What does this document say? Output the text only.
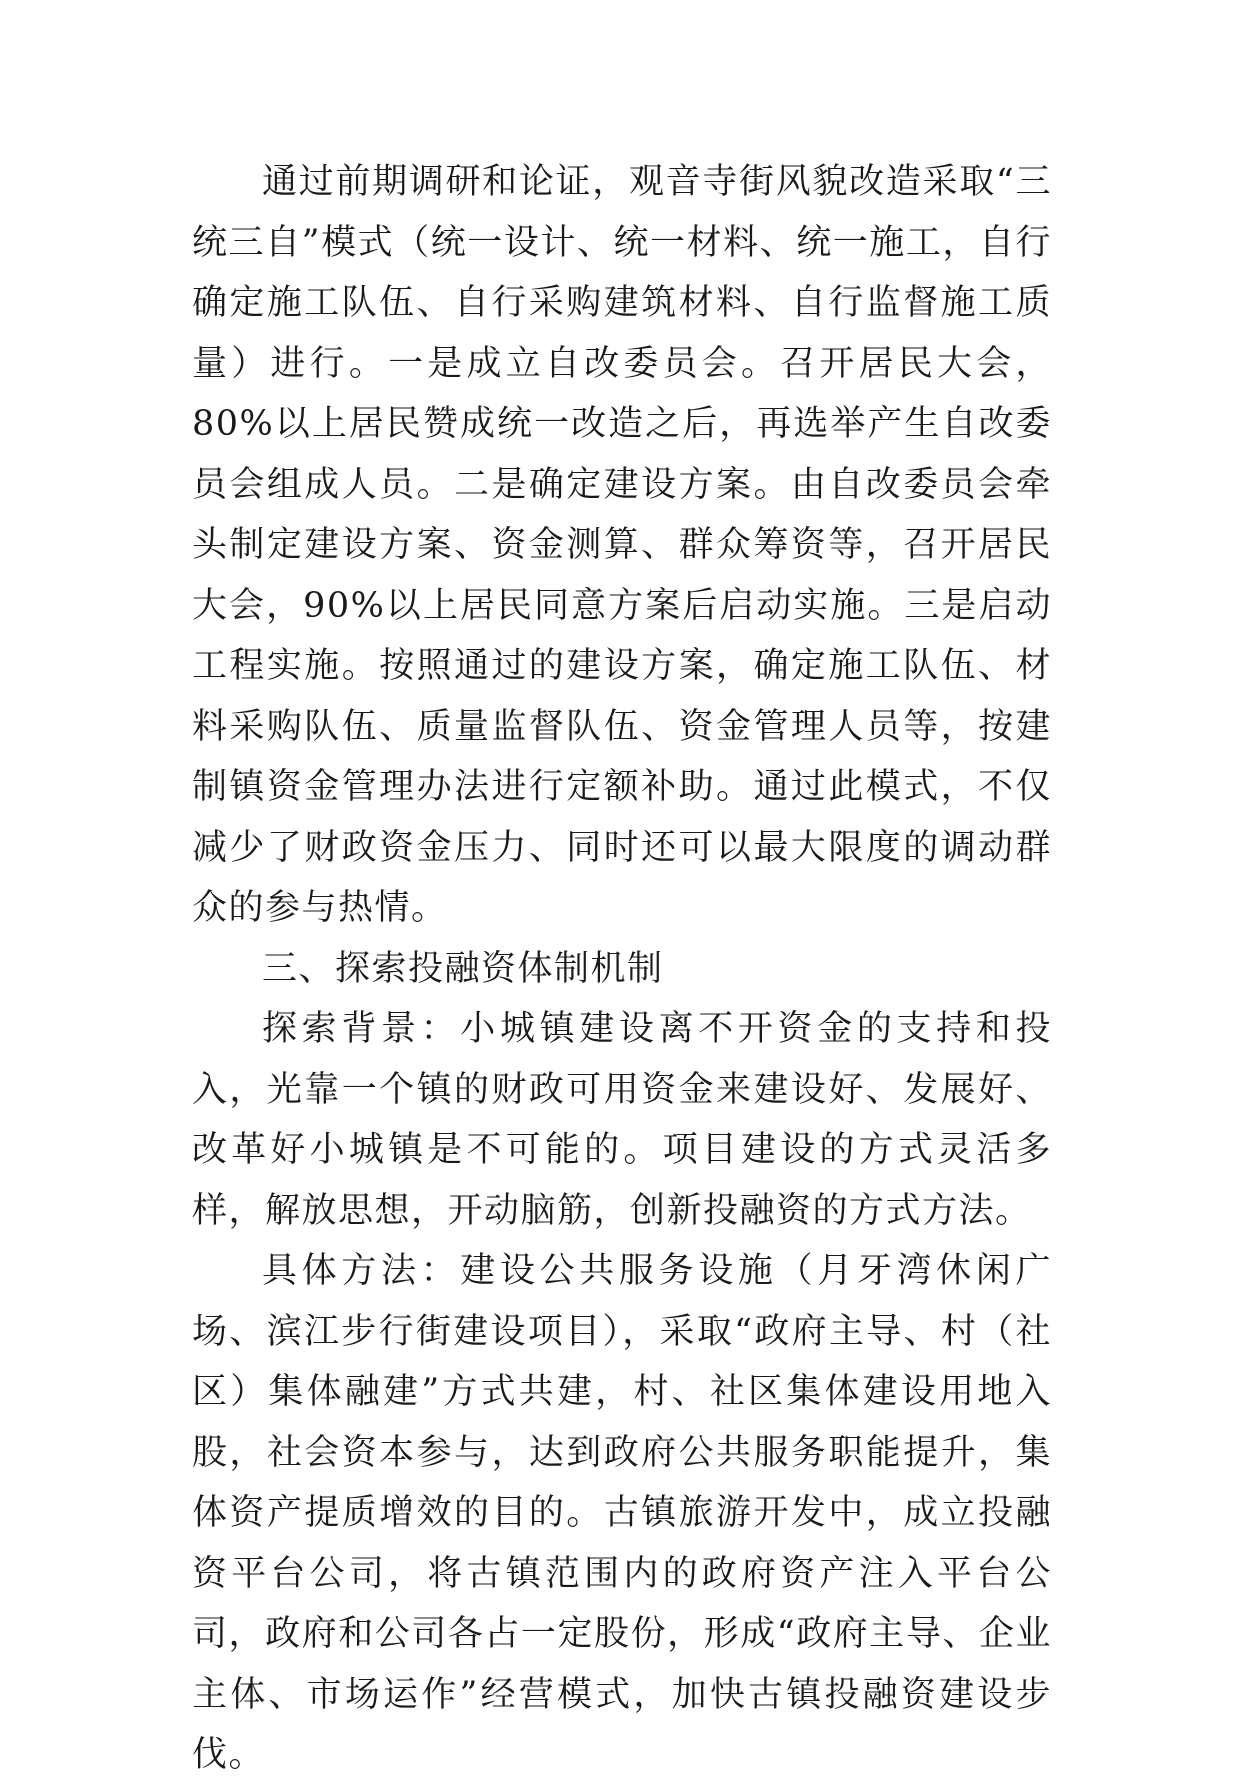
通过前期调研和论证，观音寺街风貌改造采取“三统三自”模式（统一设计、统一材料、统一施工，自行确定施工队伍、自行采购建筑材料、自行监督施工质量）进行。一是成立自改委员会。召开居民大会，80%以上居民赞成统一改造之后，再选举产生自改委员会组成人员。二是确定建设方案。由自改委员会牵头制定建设方案、资金测算、群众筹资等，召开居民大会，90%以上居民同意方案后启动实施。三是启动工程实施。按照通过的建设方案，确定施工队伍、材料采购队伍、质量监督队伍、资金管理人员等，按建制镇资金管理办法进行定额补助。通过此模式，不仅减少了财政资金压力、同时还可以最大限度的调动群众的参与热情。

三、探索投融资体制机制

探索背景：小城镇建设离不开资金的支持和投入，光靠一个镇的财政可用资金来建设好、发展好、改革好小城镇是不可能的。项目建设的方式灵活多样，解放思想，开动脑筋，创新投融资的方式方法。

具体方法：建设公共服务设施（月牙湾休闲广场、滨江步行街建设项目），采取“政府主导、村（社区）集体融建”方式共建，村、社区集体建设用地入股，社会资本参与，达到政府公共服务职能提升，集体资产提质增效的目的。古镇旅游开发中，成立投融资平台公司，将古镇范围内的政府资产注入平台公司，政府和公司各占一定股份，形成“政府主导、企业主体、市场运作”经营模式，加快古镇投融资建设步伐。
